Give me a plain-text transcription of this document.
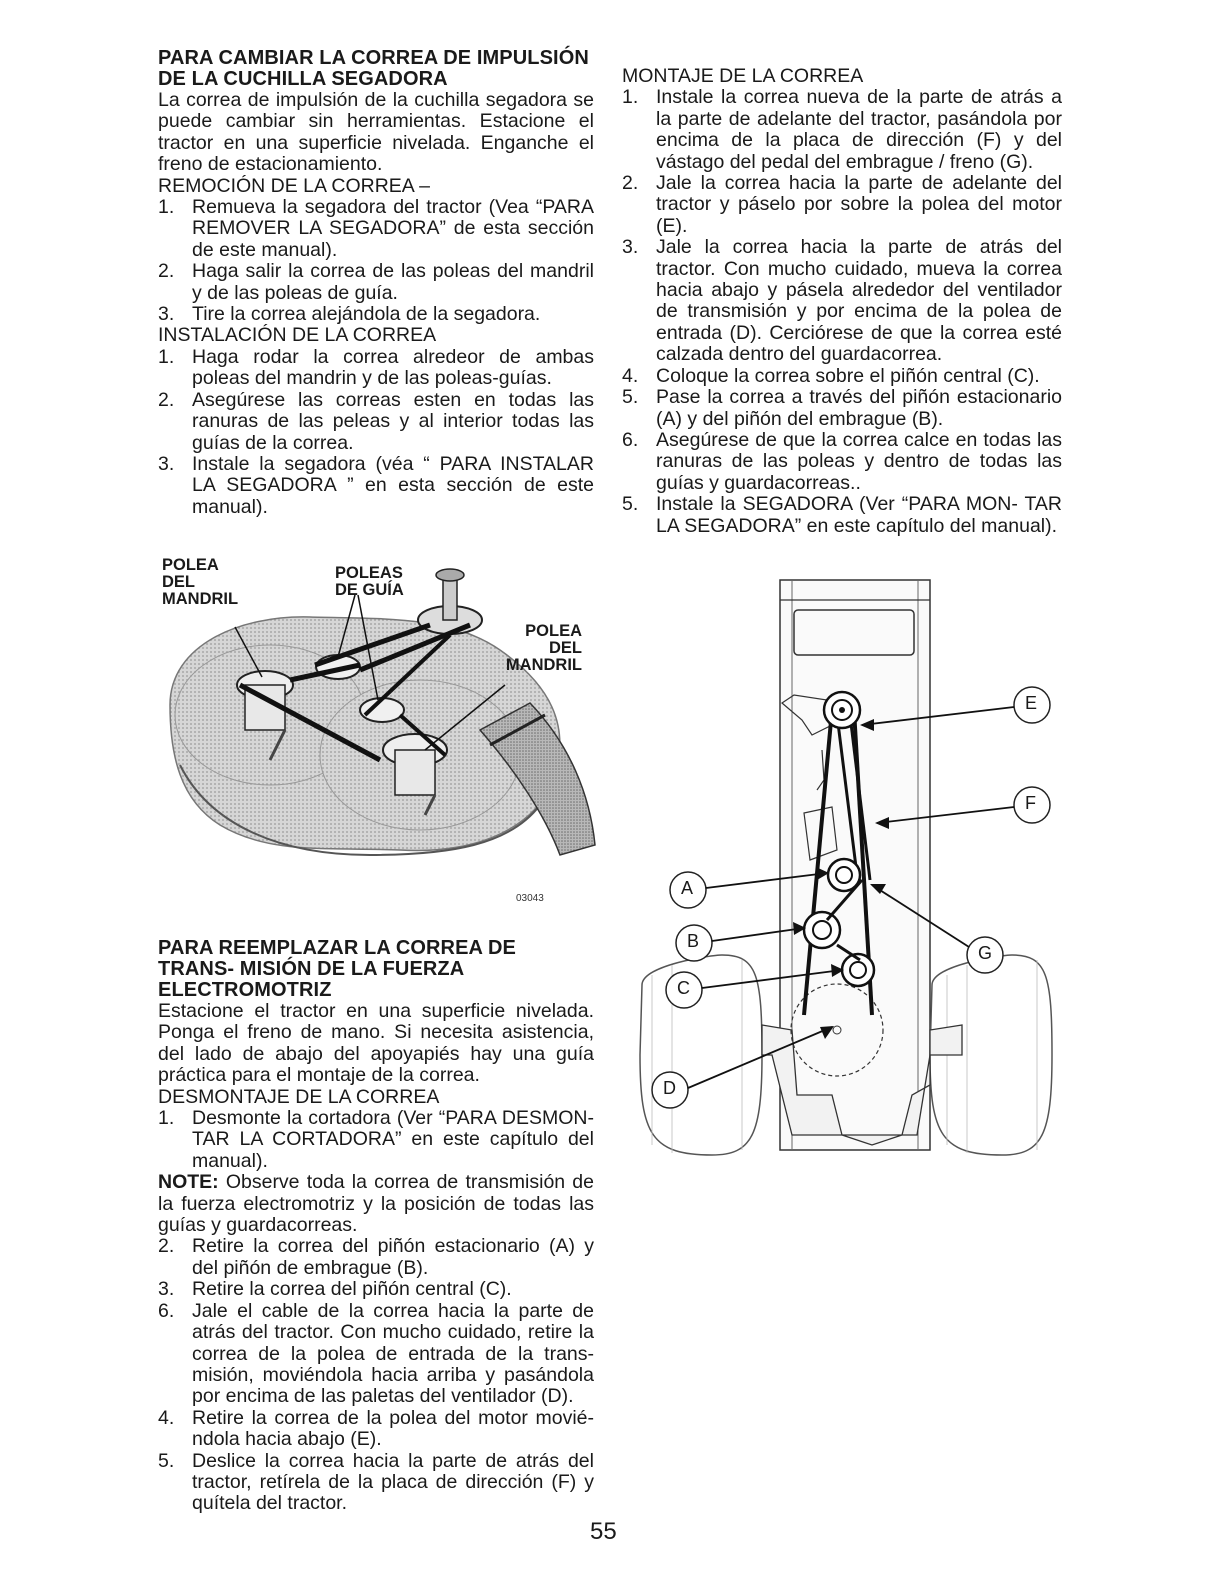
PARA CAMBIAR LA CORREA DE IMPULSIÓN DE LA CUCHILLA SEGADORA
La correa de impulsión de la cuchilla segadora se puede cambiar sin herramientas. Estacione el tractor en una superficie nivelada. Enganche el freno de estacionamiento.
REMOCIÓN DE LA CORREA –
1. Remueva la segadora del tractor (Vea “PARA REMOVER LA SEGADORA” de esta sección de este manual).
2. Haga salir la correa de las poleas del mandril y de las poleas de guía.
3. Tire la correa alejándola de la segadora.
INSTALACIÓN DE LA CORREA
1. Haga rodar la correa alredeor de ambas poleas del mandrin y de las poleas-guías.
2. Asegúrese las correas esten en todas las ranuras de las peleas y al interior todas las guías de la correa.
3. Instale la segadora (véa “ PARA INSTALAR LA SEGADORA ” en esta sección de este manual).
POLEA
DEL
MANDRIL
POLEAS
DE GUÍA
POLEA
DEL
MANDRIL
03043
PARA REEMPLAZAR LA CORREA DE TRANS- MISIÓN DE LA FUERZA ELECTROMOTRIZ
Estacione el tractor en una superficie nivelada. Ponga el freno de mano. Si necesita asistencia, del lado de abajo del apoyapiés hay una guía práctica para el montaje de la correa.
DESMONTAJE DE LA CORREA
1. Desmonte la cortadora (Ver “PARA DESMON- TAR LA CORTADORA” en este capítulo del manual).
NOTE: Observe toda la correa de transmisión de la fuerza electromotriz y la posición de todas las guías y guardacorreas.
2. Retire la correa del piñón estacionario (A) y del piñón de embrague (B).
3. Retire la correa del piñón central (C).
6. Jale el cable de la correa hacia la parte de atrás del tractor. Con mucho cuidado, retire la correa de la polea de entrada de la trans- misión, moviéndola hacia arriba y pasándola por encima de las paletas del ventilador (D).
4. Retire la correa de la polea del motor movié- ndola hacia abajo (E).
5. Deslice la correa hacia la parte de atrás del tractor, retírela de la placa de dirección (F) y quítela del tractor.
MONTAJE DE LA CORREA
1. Instale la correa nueva de la parte de atrás a la parte de adelante del tractor, pasándola por encima de la placa de dirección (F) y del vástago del pedal del embrague / freno (G).
2. Jale la correa hacia la parte de adelante del tractor y páselo por sobre la polea del motor (E).
3. Jale la correa hacia la parte de atrás del tractor. Con mucho cuidado, mueva la correa hacia abajo y pásela alrededor del ventilador de transmisión y por encima de la polea de entrada (D). Cerciórese de que la correa esté calzada dentro del guardacorrea.
4. Coloque la correa sobre el piñón central (C).
5. Pase la correa a través del piñón estacionario (A) y del piñón del embrague (B).
6. Asegúrese de que la correa calce en todas las ranuras de las poleas y dentro de todas las guías y guardacorreas..
5. Instale la SEGADORA (Ver “PARA MON- TAR LA SEGADORA” en este capítulo del manual).
E
F
A
G
B
C
D
55
